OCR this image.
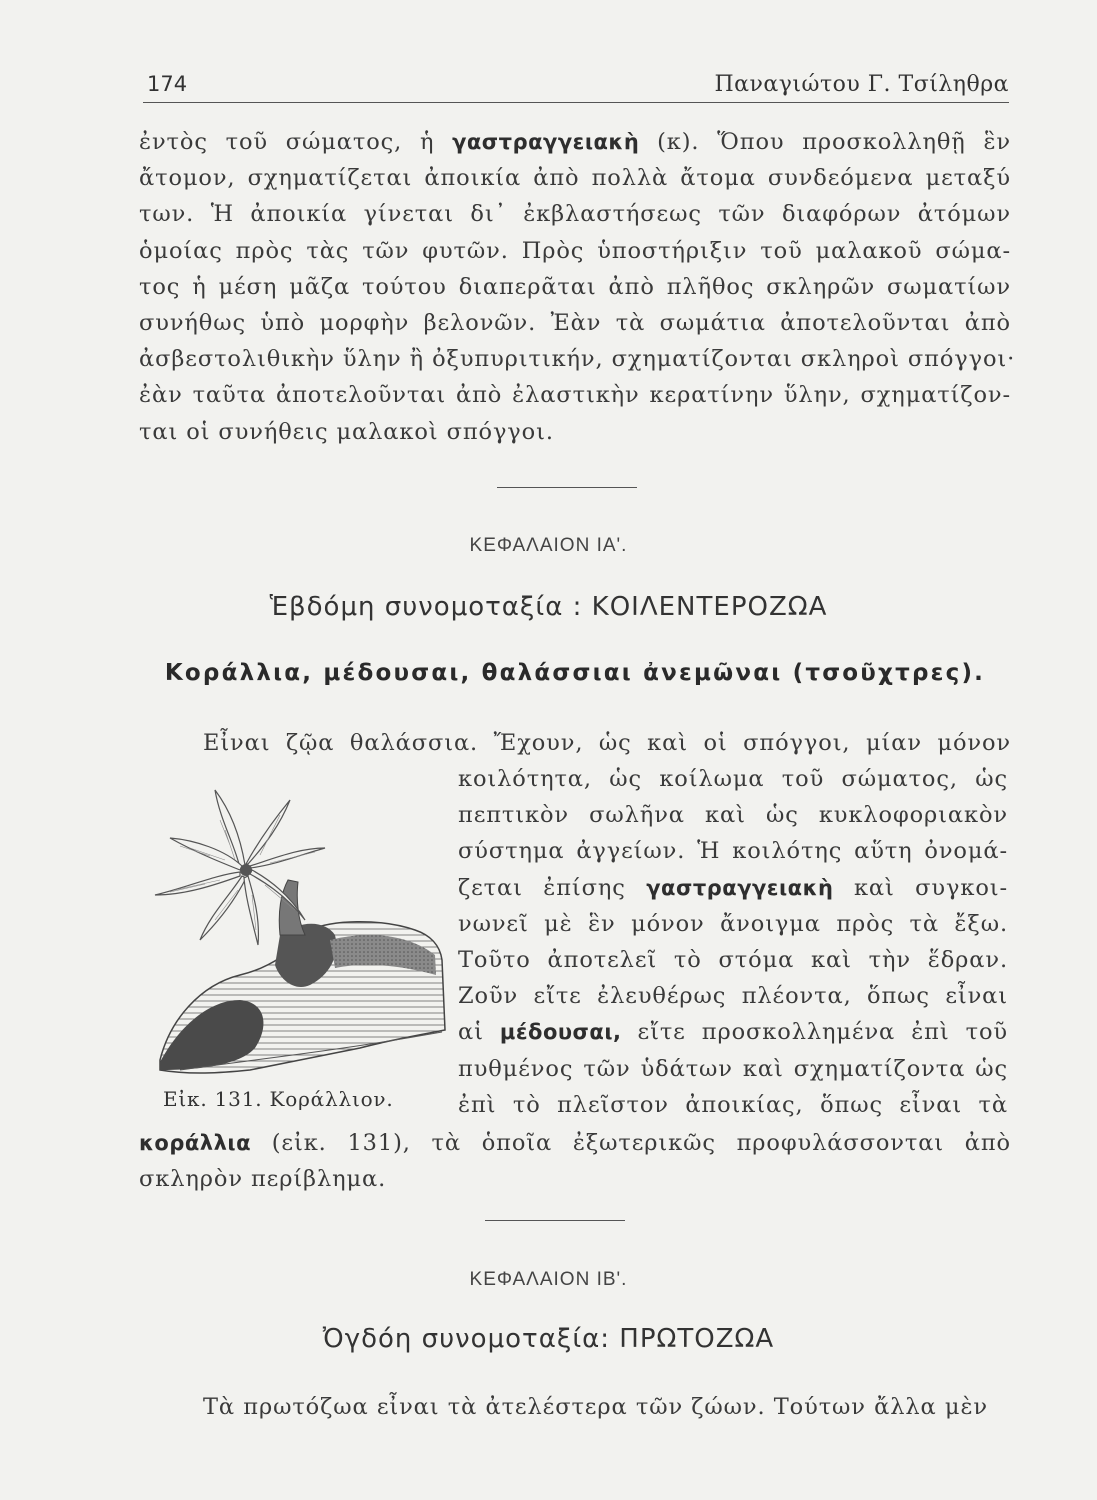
174	Παναγιώτου Γ. Τσίληθρα
ἐντὸς τοῦ σώματος, ἡ γαστραγγειακὴ (κ). Ὅπου προσκολληθῇ ἓν
ἄτομον, σχηματίζεται ἀποικία ἀπὸ πολλὰ ἄτομα συνδεόμενα μεταξύ
των. Ἡ ἀποικία γίνεται δι᾽ ἐκβλαστήσεως τῶν διαφόρων ἀτόμων
ὁμοίας πρὸς τὰς τῶν φυτῶν. Πρὸς ὑποστήριξιν τοῦ μαλακοῦ σώμα-
τος ἡ μέση μᾶζα τούτου διαπερᾶται ἀπὸ πλῆθος σκληρῶν σωματίων
συνήθως ὑπὸ μορφὴν βελονῶν. Ἐὰν τὰ σωμάτια ἀποτελοῦνται ἀπὸ
ἀσβεστολιθικὴν ὕλην ἢ ὀξυπυριτικήν, σχηματίζονται σκληροὶ σπόγγοι·
ἐὰν ταῦτα ἀποτελοῦνται ἀπὸ ἐλαστικὴν κερατίνην ὕλην, σχηματίζον-
ται οἱ συνήθεις μαλακοὶ σπόγγοι.
ΚΕΦΑΛΑΙΟΝ ΙΑ'.
Ἑβδόμη συνομοταξία : ΚΟΙΛΕΝΤΕΡΟΖΩΑ
Κοράλλια, μέδουσαι, θαλάσσιαι ἀνεμῶναι (τσοῦχτρες).
Εἶναι ζῷα θαλάσσια. Ἔχουν, ὡς καὶ οἱ σπόγγοι, μίαν μόνον
κοιλότητα, ὡς κοίλωμα τοῦ σώματος, ὡς
πεπτικὸν σωλῆνα καὶ ὡς κυκλοφοριακὸν
σύστημα ἀγγείων. Ἡ κοιλότης αὕτη ὀνομά-
ζεται ἐπίσης γαστραγγειακὴ καὶ συγκοι-
νωνεῖ μὲ ἓν μόνον ἄνοιγμα πρὸς τὰ ἔξω.
Τοῦτο ἀποτελεῖ τὸ στόμα καὶ τὴν ἕδραν.
Ζοῦν εἴτε ἐλευθέρως πλέοντα, ὅπως εἶναι
αἱ μέδουσαι, εἴτε προσκολλημένα ἐπὶ τοῦ
πυθμένος τῶν ὑδάτων καὶ σχηματίζοντα ὡς
ἐπὶ τὸ πλεῖστον ἀποικίας, ὅπως εἶναι τὰ
Εἰκ. 131. Κοράλλιον.
κοράλλια (εἰκ. 131), τὰ ὁποῖα ἐξωτερικῶς προφυλάσσονται ἀπὸ
σκληρὸν περίβλημα.
ΚΕΦΑΛΑΙΟΝ ΙΒ'.
Ὀγδόη συνομοταξία: ΠΡΩΤΟΖΩΑ
Τὰ πρωτόζωα εἶναι τὰ ἀτελέστερα τῶν ζώων. Τούτων ἄλλα μὲν
